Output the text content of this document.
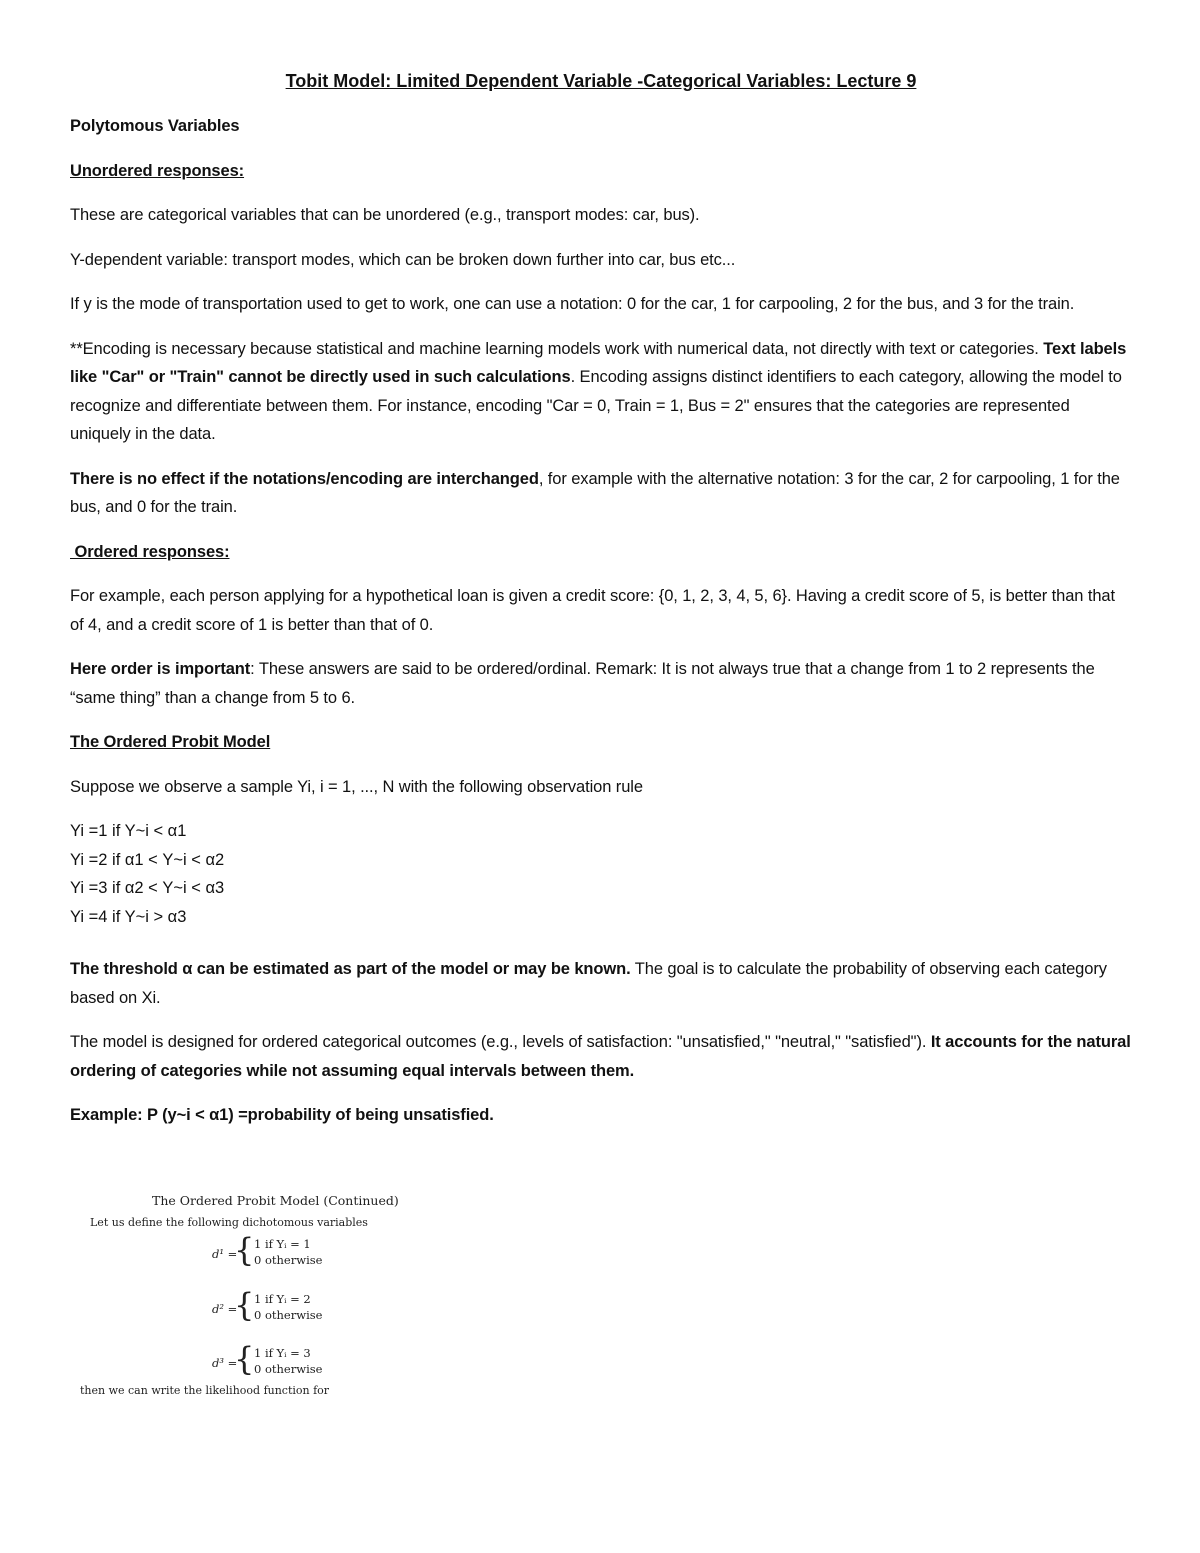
Tobit Model: Limited Dependent Variable -Categorical Variables: Lecture 9
Polytomous Variables
Unordered responses:
These are categorical variables that can be unordered (e.g., transport modes: car, bus).
Y-dependent variable: transport modes, which can be broken down further into car, bus etc...
If y is the mode of transportation used to get to work, one can use a notation: 0 for the car, 1 for carpooling, 2 for the bus, and 3 for the train.
**Encoding is necessary because statistical and machine learning models work with numerical data, not directly with text or categories. Text labels like "Car" or "Train" cannot be directly used in such calculations. Encoding assigns distinct identifiers to each category, allowing the model to recognize and differentiate between them. For instance, encoding "Car = 0, Train = 1, Bus = 2" ensures that the categories are represented uniquely in the data.
There is no effect if the notations/encoding are interchanged, for example with the alternative notation: 3 for the car, 2 for carpooling, 1 for the bus, and 0 for the train.
Ordered responses:
For example, each person applying for a hypothetical loan is given a credit score: {0, 1, 2, 3, 4, 5, 6}. Having a credit score of 5, is better than that of 4, and a credit score of 1 is better than that of 0.
Here order is important: These answers are said to be ordered/ordinal. Remark: It is not always true that a change from 1 to 2 represents the “same thing” than a change from 5 to 6.
The Ordered Probit Model
Suppose we observe a sample Yi, i = 1, ..., N with the following observation rule
Yi =1 if Y~i < α1
Yi =2 if α1 < Y~i < α2
Yi =3 if α2 < Y~i < α3
Yi =4 if Y~i > α3
The threshold α can be estimated as part of the model or may be known. The goal is to calculate the probability of observing each category based on Xi.
The model is designed for ordered categorical outcomes (e.g., levels of satisfaction: "unsatisfied," "neutral," "satisfied"). It accounts for the natural ordering of categories while not assuming equal intervals between them.
Example: P (y~i < α1) =probability of being unsatisfied.
The Ordered Probit Model (Continued)
Let us define the following dichotomous variables
d¹ =
{ 1 if Yᵢ = 1
0 otherwise
d² =
{ 1 if Yᵢ = 2
0 otherwise
d³ =
{ 1 if Yᵢ = 3
0 otherwise
then we can write the likelihood function for
